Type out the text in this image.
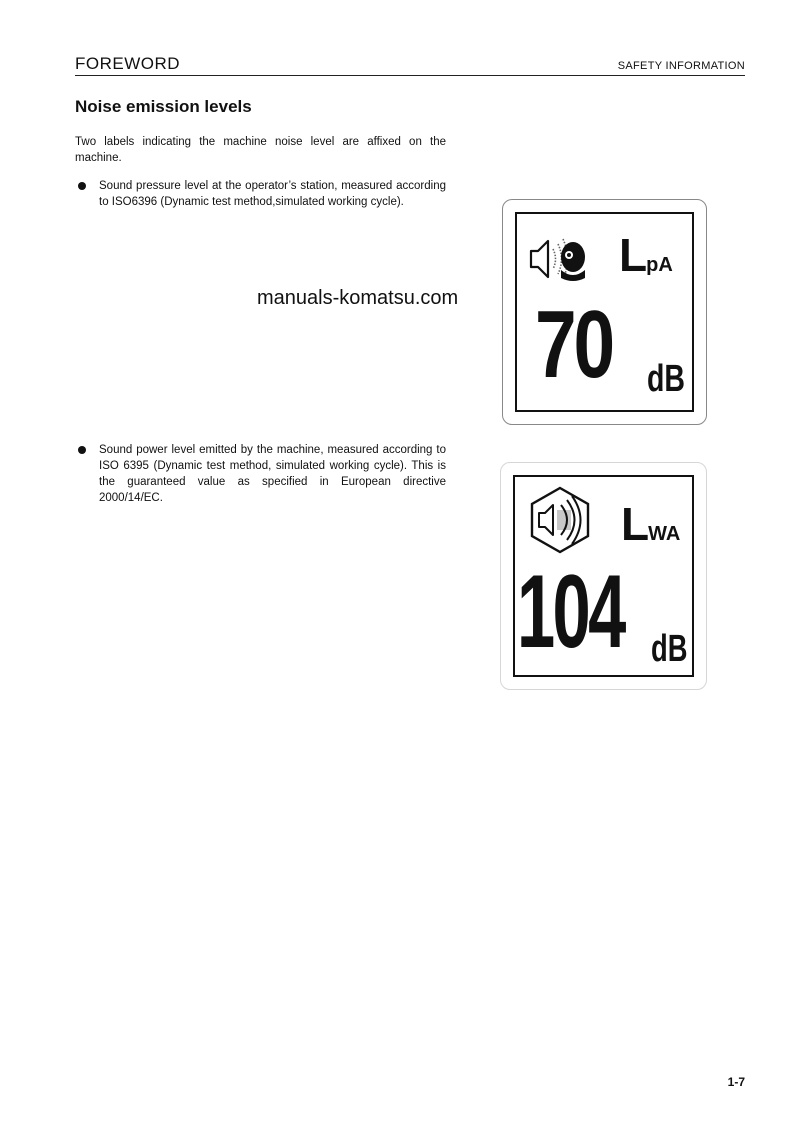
FOREWORD	SAFETY INFORMATION
Noise emission levels
Two labels indicating the machine noise level are affixed on the machine.
Sound pressure level at the operator’s station, measured according to ISO6396 (Dynamic test method,simulated working cycle).
manuals-komatsu.com
LpA
70 dB
Sound power level emitted by the machine, measured according to ISO 6395 (Dynamic test method, simulated working cycle). This is the guaranteed value as specified in European directive 2000/14/EC.	LWA
104 dB
1-7
